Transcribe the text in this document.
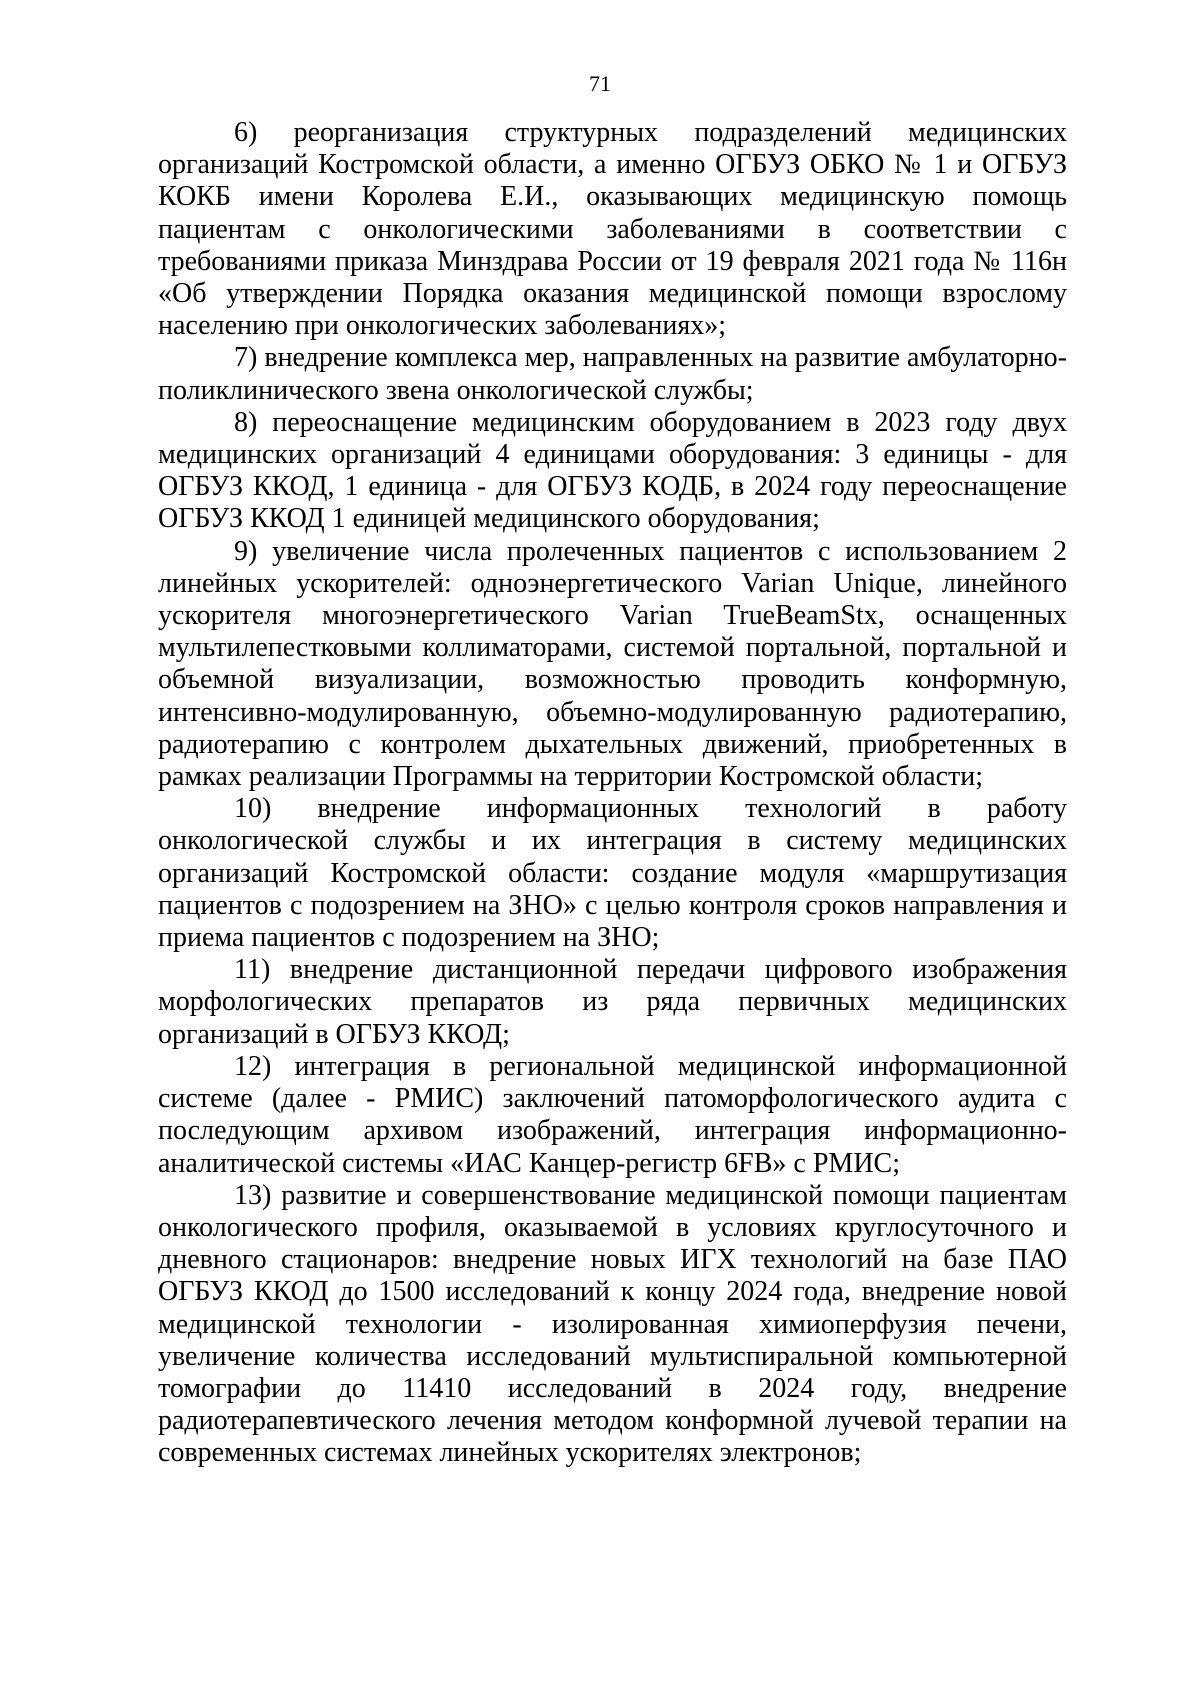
71

6) реорганизация структурных подразделений медицинских организаций Костромской области, а именно ОГБУЗ ОБКО № 1 и ОГБУЗ КОКБ имени Королева Е.И., оказывающих медицинскую помощь пациентам с онкологическими заболеваниями в соответствии с требованиями приказа Минздрава России от 19 февраля 2021 года № 116н «Об утверждении Порядка оказания медицинской помощи взрослому населению при онкологических заболеваниях»;

7) внедрение комплекса мер, направленных на развитие амбулаторно-поликлинического звена онкологической службы;

8) переоснащение медицинским оборудованием в 2023 году двух медицинских организаций 4 единицами оборудования: 3 единицы - для ОГБУЗ ККОД, 1 единица - для ОГБУЗ КОДБ, в 2024 году переоснащение ОГБУЗ ККОД 1 единицей медицинского оборудования;

9) увеличение числа пролеченных пациентов с использованием 2 линейных ускорителей: одноэнергетического Varian Unique, линейного ускорителя многоэнергетического Varian TrueBeamStx, оснащенных мультилепестковыми коллиматорами, системой портальной, портальной и объемной визуализации, возможностью проводить конформную, интенсивно-модулированную, объемно-модулированную радиотерапию, радиотерапию с контролем дыхательных движений, приобретенных в рамках реализации Программы на территории Костромской области;

10) внедрение информационных технологий в работу онкологической службы и их интеграция в систему медицинских организаций Костромской области: создание модуля «маршрутизация пациентов с подозрением на ЗНО» с целью контроля сроков направления и приема пациентов с подозрением на ЗНО;

11) внедрение дистанционной передачи цифрового изображения морфологических препаратов из ряда первичных медицинских организаций в ОГБУЗ ККОД;

12) интеграция в региональной медицинской информационной системе (далее - РМИС) заключений патоморфологического аудита с последующим архивом изображений, интеграция информационно-аналитической системы «ИАС Канцер-регистр 6FB» с РМИС;

13) развитие и совершенствование медицинской помощи пациентам онкологического профиля, оказываемой в условиях круглосуточного и дневного стационаров: внедрение новых ИГХ технологий на базе ПАО ОГБУЗ ККОД до 1500 исследований к концу 2024 года, внедрение новой медицинской технологии - изолированная химиоперфузия печени, увеличение количества исследований мультиспиральной компьютерной томографии до 11410 исследований в 2024 году, внедрение радиотерапевтического лечения методом конформной лучевой терапии на современных системах линейных ускорителях электронов;
